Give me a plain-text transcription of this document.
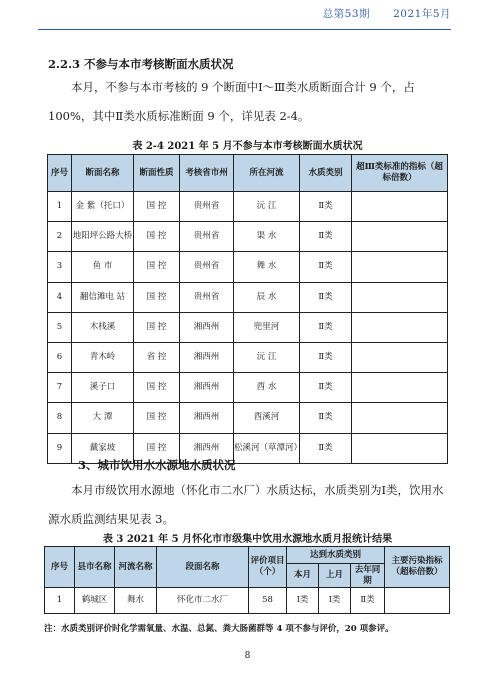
总第53期 2021年5月
2.2.3 不参与本市考核断面水质状况
本月，不参与本市考核的 9 个断面中Ⅰ～Ⅲ类水质断面合计 9 个，占 100%，其中Ⅱ类水质标准断面 9 个，详见表 2-4。
表 2-4 2021 年 5 月不参与本市考核断面水质状况
序号	断面名称	断面性质	考核省市州	所在河流	水质类别	超Ⅲ类标准的指标（超标倍数）
1	金 紫（托口）	国 控	贵州省	沅 江	Ⅱ类	
2	地阳坪公路大桥	国 控	贵州省	渠 水	Ⅱ类	
3	鱼 市	国 控	贵州省	舞 水	Ⅱ类	
4	翻信滩电 站	国 控	贵州省	辰 水	Ⅱ类	
5	木栈溪	国 控	湘西州	兜里河	Ⅱ类	
6	青木岭	省 控	湘西州	沅 江	Ⅱ类	
7	溪子口	国 控	湘西州	酉 水	Ⅱ类	
8	大 潭	国 控	湘西州	酉溪河	Ⅱ类	
9	戴家坡	国 控	湘西州	松溪河（草潭河）	Ⅱ类	
3、城市饮用水水源地水质状况
本月市级饮用水源地（怀化市二水厂）水质达标，水质类别为Ⅰ类，饮用水源水质监测结果见表 3。
表 3 2021 年 5 月怀化市市级集中饮用水源地水质月报统计结果
序号	县市名称	河流名称	段面名称	评价项目（个）	达到水质类别			主要污染指标（超标倍数）
					本月	上月	去年同期	
1	鹤城区	舞水	怀化市二水厂	58	Ⅰ类	Ⅰ类	Ⅱ类	
注：水质类别评价时化学需氧量、水温、总氮、粪大肠菌群等 4 项不参与评价，20 项参评。
8
